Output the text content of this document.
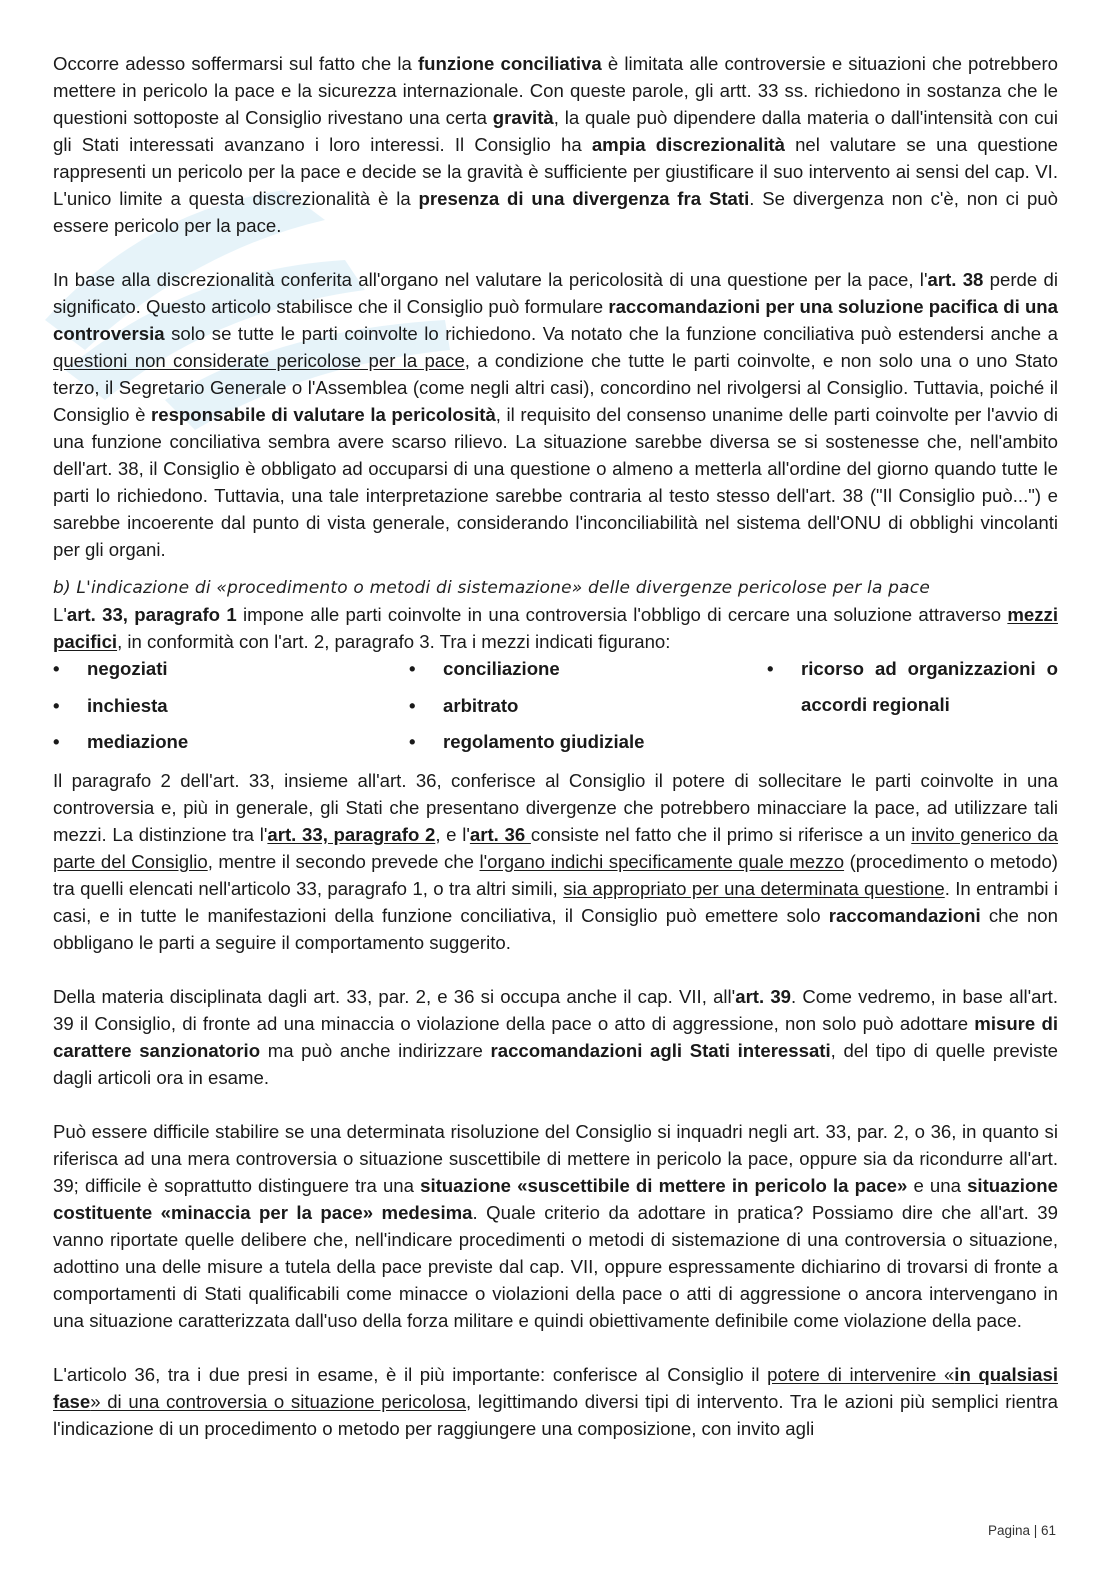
Occorre adesso soffermarsi sul fatto che la funzione conciliativa è limitata alle controversie e situazioni che potrebbero mettere in pericolo la pace e la sicurezza internazionale. Con queste parole, gli artt. 33 ss. richiedono in sostanza che le questioni sottoposte al Consiglio rivestano una certa gravità, la quale può dipendere dalla materia o dall'intensità con cui gli Stati interessati avanzano i loro interessi. Il Consiglio ha ampia discrezionalità nel valutare se una questione rappresenti un pericolo per la pace e decide se la gravità è sufficiente per giustificare il suo intervento ai sensi del cap. VI. L'unico limite a questa discrezionalità è la presenza di una divergenza fra Stati. Se divergenza non c'è, non ci può essere pericolo per la pace.

In base alla discrezionalità conferita all'organo nel valutare la pericolosità di una questione per la pace, l'art. 38 perde di significato. Questo articolo stabilisce che il Consiglio può formulare raccomandazioni per una soluzione pacifica di una controversia solo se tutte le parti coinvolte lo richiedono. Va notato che la funzione conciliativa può estendersi anche a questioni non considerate pericolose per la pace, a condizione che tutte le parti coinvolte, e non solo una o uno Stato terzo, il Segretario Generale o l'Assemblea (come negli altri casi), concordino nel rivolgersi al Consiglio. Tuttavia, poiché il Consiglio è responsabile di valutare la pericolosità, il requisito del consenso unanime delle parti coinvolte per l'avvio di una funzione conciliativa sembra avere scarso rilievo. La situazione sarebbe diversa se si sostenesse che, nell'ambito dell'art. 38, il Consiglio è obbligato ad occuparsi di una questione o almeno a metterla all'ordine del giorno quando tutte le parti lo richiedono. Tuttavia, una tale interpretazione sarebbe contraria al testo stesso dell'art. 38 ("Il Consiglio può...") e sarebbe incoerente dal punto di vista generale, considerando l'inconciliabilità nel sistema dell'ONU di obblighi vincolanti per gli organi.

b) L'indicazione di «procedimento o metodi di sistemazione» delle divergenze pericolose per la pace

L'art. 33, paragrafo 1 impone alle parti coinvolte in una controversia l'obbligo di cercare una soluzione attraverso mezzi pacifici, in conformità con l'art. 2, paragrafo 3. Tra i mezzi indicati figurano:

•	negoziati
•	inchiesta
•	mediazione
•	conciliazione
•	arbitrato
•	regolamento giudiziale
•	ricorso ad organizzazioni o accordi regionali

Il paragrafo 2 dell'art. 33, insieme all'art. 36, conferisce al Consiglio il potere di sollecitare le parti coinvolte in una controversia e, più in generale, gli Stati che presentano divergenze che potrebbero minacciare la pace, ad utilizzare tali mezzi. La distinzione tra l'art. 33, paragrafo 2, e l'art. 36 consiste nel fatto che il primo si riferisce a un invito generico da parte del Consiglio, mentre il secondo prevede che l'organo indichi specificamente quale mezzo (procedimento o metodo) tra quelli elencati nell'articolo 33, paragrafo 1, o tra altri simili, sia appropriato per una determinata questione. In entrambi i casi, e in tutte le manifestazioni della funzione conciliativa, il Consiglio può emettere solo raccomandazioni che non obbligano le parti a seguire il comportamento suggerito.

Della materia disciplinata dagli art. 33, par. 2, e 36 si occupa anche il cap. VII, all'art. 39. Come vedremo, in base all'art. 39 il Consiglio, di fronte ad una minaccia o violazione della pace o atto di aggressione, non solo può adottare misure di carattere sanzionatorio ma può anche indirizzare raccomandazioni agli Stati interessati, del tipo di quelle previste dagli articoli ora in esame.

Può essere difficile stabilire se una determinata risoluzione del Consiglio si inquadri negli art. 33, par. 2, o 36, in quanto si riferisca ad una mera controversia o situazione suscettibile di mettere in pericolo la pace, oppure sia da ricondurre all'art. 39; difficile è soprattutto distinguere tra una situazione «suscettibile di mettere in pericolo la pace» e una situazione costituente «minaccia per la pace» medesima. Quale criterio da adottare in pratica? Possiamo dire che all'art. 39 vanno riportate quelle delibere che, nell'indicare procedimenti o metodi di sistemazione di una controversia o situazione, adottino una delle misure a tutela della pace previste dal cap. VII, oppure espressamente dichiarino di trovarsi di fronte a comportamenti di Stati qualificabili come minacce o violazioni della pace o atti di aggressione o ancora intervengano in una situazione caratterizzata dall'uso della forza militare e quindi obiettivamente definibile come violazione della pace.

L'articolo 36, tra i due presi in esame, è il più importante: conferisce al Consiglio il potere di intervenire «in qualsiasi fase» di una controversia o situazione pericolosa, legittimando diversi tipi di intervento. Tra le azioni più semplici rientra l'indicazione di un procedimento o metodo per raggiungere una composizione, con invito agli

Pagina | 61
